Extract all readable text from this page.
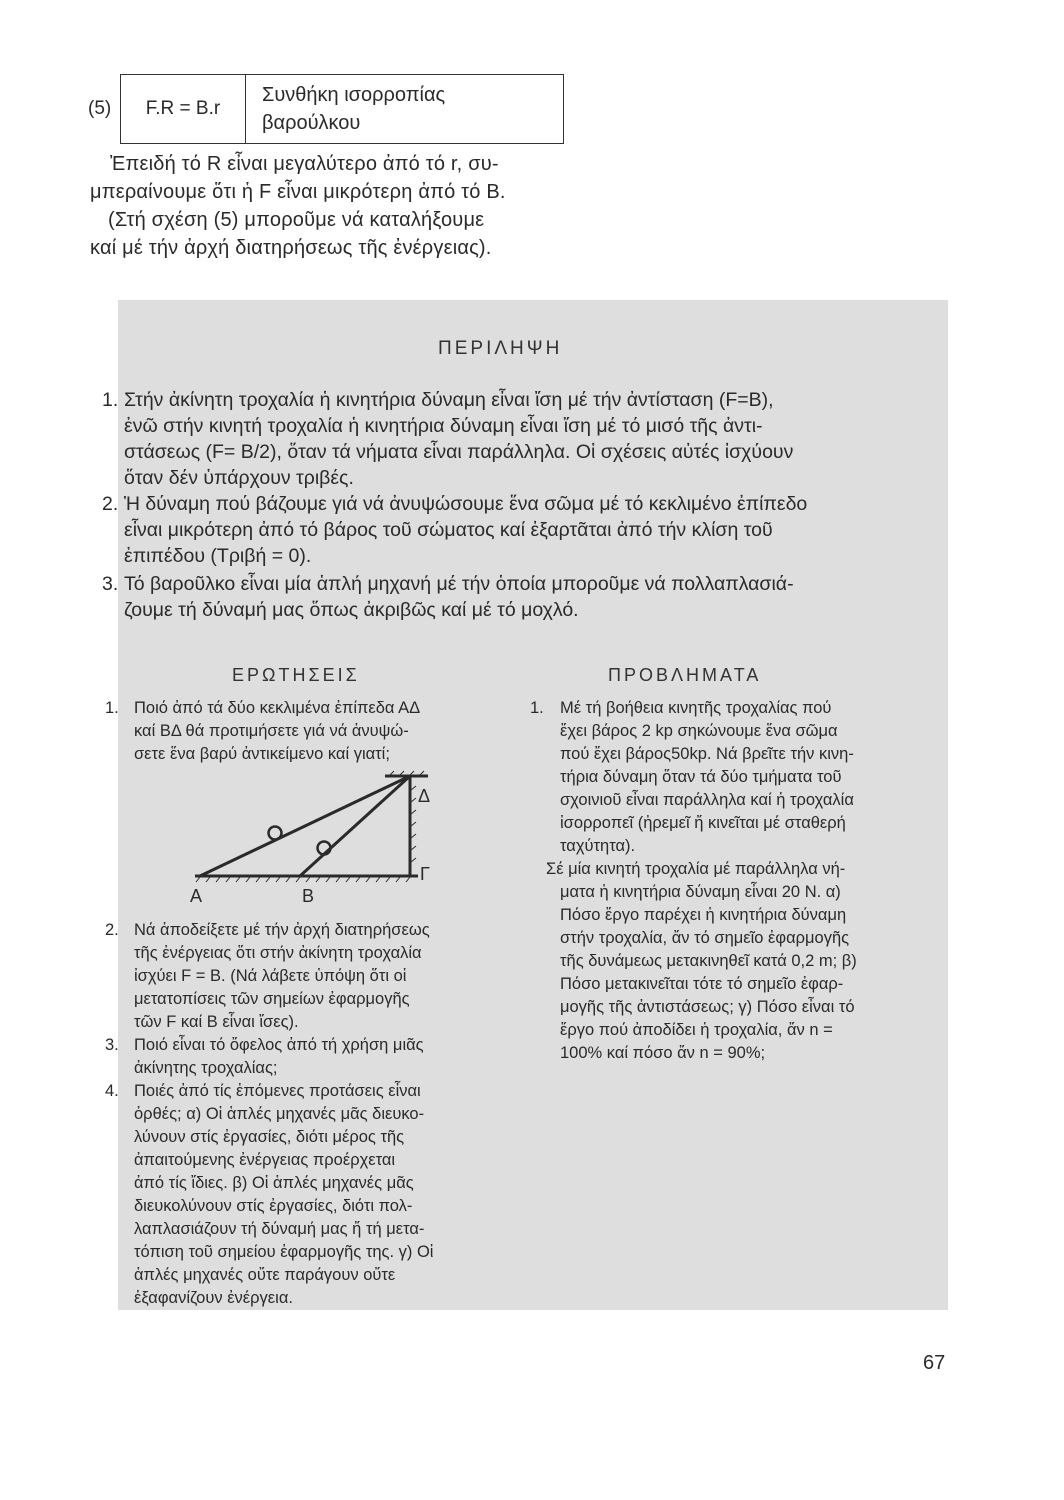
(5)	F.R = B.r
Συνθήκη ισορροπίας
βαρούλκου
Ἐπειδή τό R εἶναι μεγαλύτερο ἀπό τό r, συ-
μπεραίνουμε ὅτι ἡ F εἶναι μικρότερη ἀπό τό B.
(Στή σχέση (5) μποροῦμε νά καταλήξουμε
καί μέ τήν ἀρχή διατηρήσεως τῆς ἐνέργειας).
ΠΕΡΙΛΗΨΗ
1. Στήν ἀκίνητη τροχαλία ἡ κινητήρια δύναμη εἶναι ἴση μέ τήν ἀντίσταση (F=B),
ἐνῶ στήν κινητή τροχαλία ἡ κινητήρια δύναμη εἶναι ἴση μέ τό μισό τῆς ἀντι-
στάσεως (F= B/2), ὅταν τά νήματα εἶναι παράλληλα. Οἱ σχέσεις αὐτές ἰσχύουν
ὅταν δέν ὑπάρχουν τριβές.
2. Ἡ δύναμη πού βάζουμε γιά νά ἀνυψώσουμε ἕνα σῶμα μέ τό κεκλιμένο ἐπίπεδο
εἶναι μικρότερη ἀπό τό βάρος τοῦ σώματος καί ἐξαρτᾶται ἀπό τήν κλίση τοῦ
ἐπιπέδου (Τριβή = 0).
3. Τό βαροῦλκο εἶναι μία ἁπλή μηχανή μέ τήν ὁποία μποροῦμε νά πολλαπλασιά-
ζουμε τή δύναμή μας ὅπως ἀκριβῶς καί μέ τό μοχλό.
ΕΡΩΤΗΣΕΙΣ
1. Ποιό ἀπό τά δύο κεκλιμένα ἐπίπεδα ΑΔ
καί ΒΔ θά προτιμήσετε γιά νά ἀνυψώ-
σετε ἕνα βαρύ ἀντικείμενο καί γιατί;
A	B
Γ
Δ
2. Νά ἀποδείξετε μέ τήν ἀρχή διατηρήσεως
τῆς ἐνέργειας ὅτι στήν ἀκίνητη τροχαλία
ἰσχύει F = B. (Νά λάβετε ὑπόψη ὅτι οἱ
μετατοπίσεις τῶν σημείων ἐφαρμογῆς
τῶν F καί B εἶναι ἴσες).
3. Ποιό εἶναι τό ὄφελος ἀπό τή χρήση μιᾶς
ἀκίνητης τροχαλίας;
4. Ποιές ἀπό τίς ἑπόμενες προτάσεις εἶναι
ὀρθές; α) Οἱ ἁπλές μηχανές μᾶς διευκο-
λύνουν στίς ἐργασίες, διότι μέρος τῆς
ἀπαιτούμενης ἐνέργειας προέρχεται
ἀπό τίς ἴδιες. β) Οἱ ἁπλές μηχανές μᾶς
διευκολύνουν στίς ἐργασίες, διότι πολ-
λαπλασιάζουν τή δύναμή μας ἤ τή μετα-
τόπιση τοῦ σημείου ἐφαρμογῆς της. γ) Οἱ
ἁπλές μηχανές οὔτε παράγουν οὔτε
ἐξαφανίζουν ἐνέργεια.
ΠΡΟΒΛΗΜΑΤΑ
1. Μέ τή βοήθεια κινητῆς τροχαλίας πού
ἔχει βάρος 2 kp σηκώνουμε ἕνα σῶμα
πού ἔχει βάρος50kp. Νά βρεῖτε τήν κινη-
τήρια δύναμη ὅταν τά δύο τμήματα τοῦ
σχοινιοῦ εἶναι παράλληλα καί ἡ τροχαλία
ἰσορροπεῖ (ἠρεμεῖ ἤ κινεῖται μέ σταθερή
ταχύτητα).
Σέ μία κινητή τροχαλία μέ παράλληλα νή-
ματα ἡ κινητήρια δύναμη εἶναι 20 N. α)
Πόσο ἔργο παρέχει ἡ κινητήρια δύναμη
στήν τροχαλία, ἄν τό σημεῖο ἐφαρμογῆς
τῆς δυνάμεως μετακινηθεῖ κατά 0,2 m; β)
Πόσο μετακινεῖται τότε τό σημεῖο ἐφαρ-
μογῆς τῆς ἀντιστάσεως; γ) Πόσο εἶναι τό
ἔργο πού ἀποδίδει ἡ τροχαλία, ἄν n =
100% καί πόσο ἄν n = 90%;
67
